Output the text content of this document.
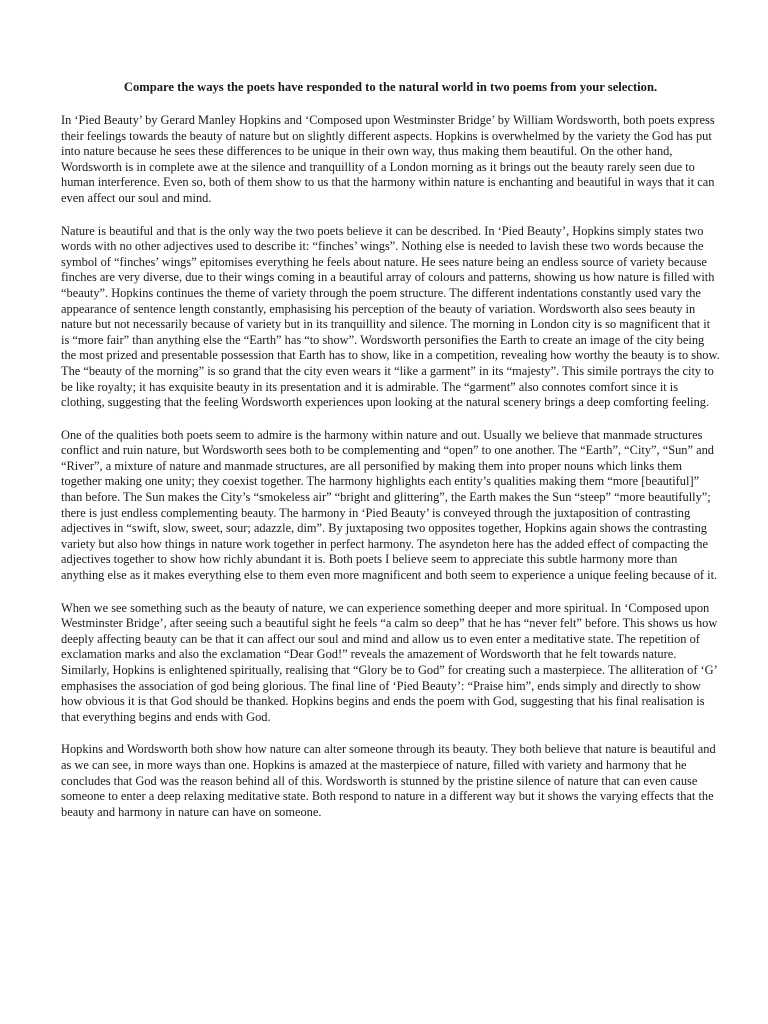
Compare the ways the poets have responded to the natural world in two poems from your selection.

In ‘Pied Beauty’ by Gerard Manley Hopkins and ‘Composed upon Westminster Bridge’ by William Wordsworth, both poets express their feelings towards the beauty of nature but on slightly different aspects. Hopkins is overwhelmed by the variety the God has put into nature because he sees these differences to be unique in their own way, thus making them beautiful. On the other hand, Wordsworth is in complete awe at the silence and tranquillity of a London morning as it brings out the beauty rarely seen due to human interference. Even so, both of them show to us that the harmony within nature is enchanting and beautiful in ways that it can even affect our soul and mind.

Nature is beautiful and that is the only way the two poets believe it can be described. In ‘Pied Beauty’, Hopkins simply states two words with no other adjectives used to describe it: “finches’ wings”. Nothing else is needed to lavish these two words because the symbol of “finches’ wings” epitomises everything he feels about nature. He sees nature being an endless source of variety because finches are very diverse, due to their wings coming in a beautiful array of colours and patterns, showing us how nature is filled with “beauty”. Hopkins continues the theme of variety through the poem structure. The different indentations constantly used vary the appearance of sentence length constantly, emphasising his perception of the beauty of variation. Wordsworth also sees beauty in nature but not necessarily because of variety but in its tranquillity and silence. The morning in London city is so magnificent that it is “more fair” than anything else the “Earth” has “to show”. Wordsworth personifies the Earth to create an image of the city being the most prized and presentable possession that Earth has to show, like in a competition, revealing how worthy the beauty is to show. The “beauty of the morning” is so grand that the city even wears it “like a garment” in its “majesty”. This simile portrays the city to be like royalty; it has exquisite beauty in its presentation and it is admirable. The “garment” also connotes comfort since it is clothing, suggesting that the feeling Wordsworth experiences upon looking at the natural scenery brings a deep comforting feeling.

One of the qualities both poets seem to admire is the harmony within nature and out. Usually we believe that manmade structures conflict and ruin nature, but Wordsworth sees both to be complementing and “open” to one another. The “Earth”, “City”, “Sun” and “River”, a mixture of nature and manmade structures, are all personified by making them into proper nouns which links them together making one unity; they coexist together. The harmony highlights each entity’s qualities making them “more [beautiful]” than before. The Sun makes the City’s “smokeless air” “bright and glittering”, the Earth makes the Sun “steep” “more beautifully”; there is just endless complementing beauty. The harmony in ‘Pied Beauty’ is conveyed through the juxtaposition of contrasting adjectives in “swift, slow, sweet, sour; adazzle, dim”. By juxtaposing two opposites together, Hopkins again shows the contrasting variety but also how things in nature work together in perfect harmony. The asyndeton here has the added effect of compacting the adjectives together to show how richly abundant it is. Both poets I believe seem to appreciate this subtle harmony more than anything else as it makes everything else to them even more magnificent and both seem to experience a unique feeling because of it.

When we see something such as the beauty of nature, we can experience something deeper and more spiritual. In ‘Composed upon Westminster Bridge’, after seeing such a beautiful sight he feels “a calm so deep” that he has “never felt” before. This shows us how deeply affecting beauty can be that it can affect our soul and mind and allow us to even enter a meditative state. The repetition of exclamation marks and also the exclamation “Dear God!” reveals the amazement of Wordsworth that he felt towards nature. Similarly, Hopkins is enlightened spiritually, realising that “Glory be to God” for creating such a masterpiece. The alliteration of ‘G’ emphasises the association of god being glorious. The final line of ‘Pied Beauty’: “Praise him”, ends simply and directly to show how obvious it is that God should be thanked. Hopkins begins and ends the poem with God, suggesting that his final realisation is that everything begins and ends with God.

Hopkins and Wordsworth both show how nature can alter someone through its beauty. They both believe that nature is beautiful and as we can see, in more ways than one. Hopkins is amazed at the masterpiece of nature, filled with variety and harmony that he concludes that God was the reason behind all of this. Wordsworth is stunned by the pristine silence of nature that can even cause someone to enter a deep relaxing meditative state. Both respond to nature in a different way but it shows the varying effects that the beauty and harmony in nature can have on someone.
